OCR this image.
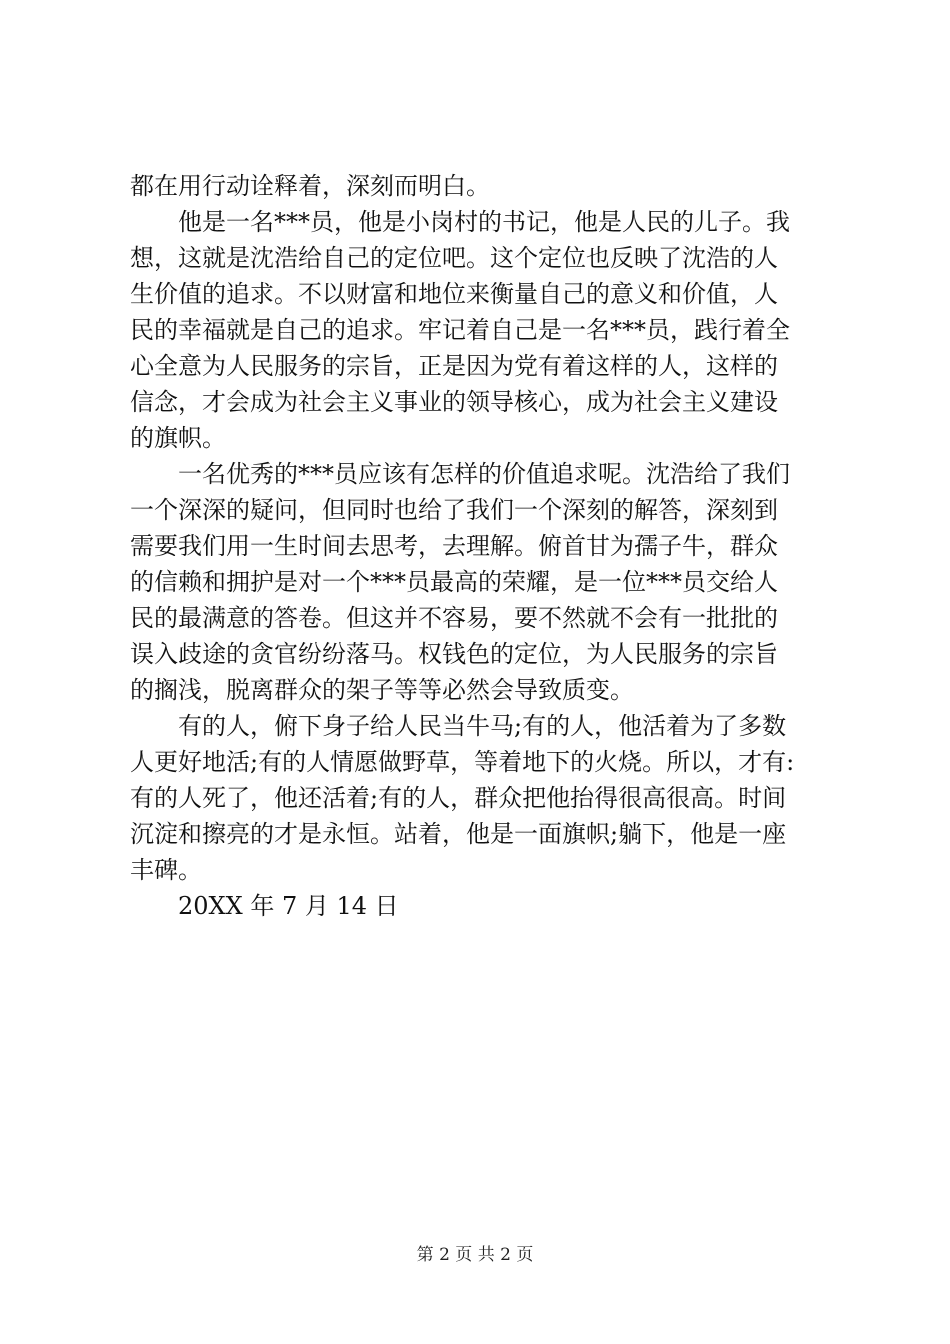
都在用行动诠释着，深刻而明白。
他是一名***员，他是小岗村的书记，他是人民的儿子。我
想，这就是沈浩给自己的定位吧。这个定位也反映了沈浩的人
生价值的追求。不以财富和地位来衡量自己的意义和价值，人
民的幸福就是自己的追求。牢记着自己是一名***员，践行着全
心全意为人民服务的宗旨，正是因为党有着这样的人，这样的
信念，才会成为社会主义事业的领导核心，成为社会主义建设
的旗帜。
一名优秀的***员应该有怎样的价值追求呢。沈浩给了我们
一个深深的疑问，但同时也给了我们一个深刻的解答，深刻到
需要我们用一生时间去思考，去理解。俯首甘为孺子牛，群众
的信赖和拥护是对一个***员最高的荣耀，是一位***员交给人
民的最满意的答卷。但这并不容易，要不然就不会有一批批的
误入歧途的贪官纷纷落马。权钱色的定位，为人民服务的宗旨
的搁浅，脱离群众的架子等等必然会导致质变。
有的人，俯下身子给人民当牛马;有的人，他活着为了多数
人更好地活;有的人情愿做野草，等着地下的火烧。所以，才有:
有的人死了，他还活着;有的人，群众把他抬得很高很高。时间
沉淀和擦亮的才是永恒。站着，他是一面旗帜;躺下，他是一座
丰碑。
20XX 年 7 月 14 日
第 2 页 共 2 页
